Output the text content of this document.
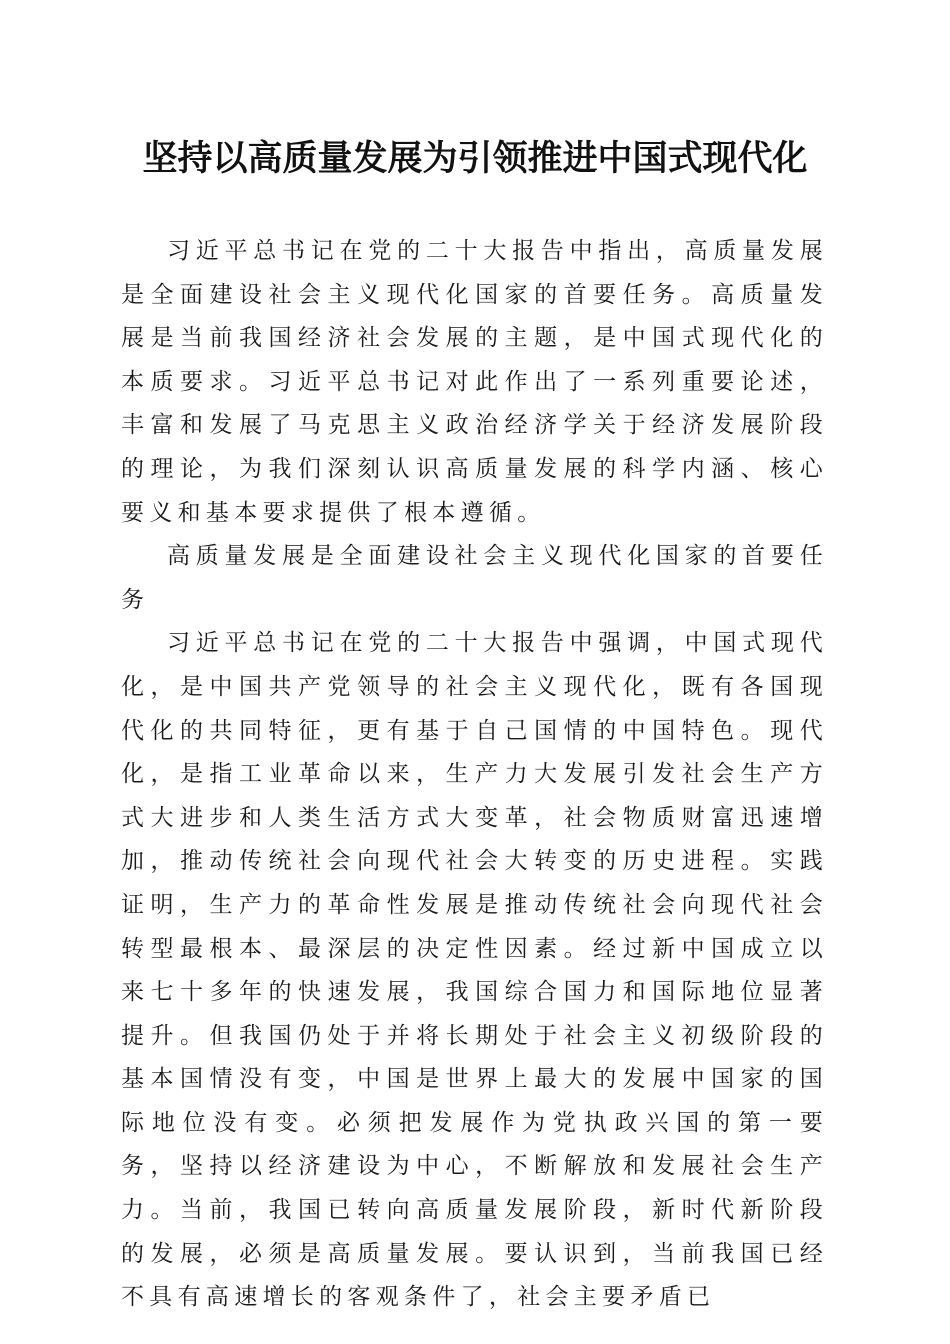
坚持以高质量发展为引领推进中国式现代化

习近平总书记在党的二十大报告中指出，高质量发展是全面建设社会主义现代化国家的首要任务。高质量发展是当前我国经济社会发展的主题，是中国式现代化的本质要求。习近平总书记对此作出了一系列重要论述，丰富和发展了马克思主义政治经济学关于经济发展阶段的理论，为我们深刻认识高质量发展的科学内涵、核心要义和基本要求提供了根本遵循。

高质量发展是全面建设社会主义现代化国家的首要任务

习近平总书记在党的二十大报告中强调，中国式现代化，是中国共产党领导的社会主义现代化，既有各国现代化的共同特征，更有基于自己国情的中国特色。现代化，是指工业革命以来，生产力大发展引发社会生产方式大进步和人类生活方式大变革，社会物质财富迅速增加，推动传统社会向现代社会大转变的历史进程。实践证明，生产力的革命性发展是推动传统社会向现代社会转型最根本、最深层的决定性因素。经过新中国成立以来七十多年的快速发展，我国综合国力和国际地位显著提升。但我国仍处于并将长期处于社会主义初级阶段的基本国情没有变，中国是世界上最大的发展中国家的国际地位没有变。必须把发展作为党执政兴国的第一要务，坚持以经济建设为中心，不断解放和发展社会生产力。当前，我国已转向高质量发展阶段，新时代新阶段的发展，必须是高质量发展。要认识到，当前我国已经不具有高速增长的客观条件了，社会主要矛盾已
